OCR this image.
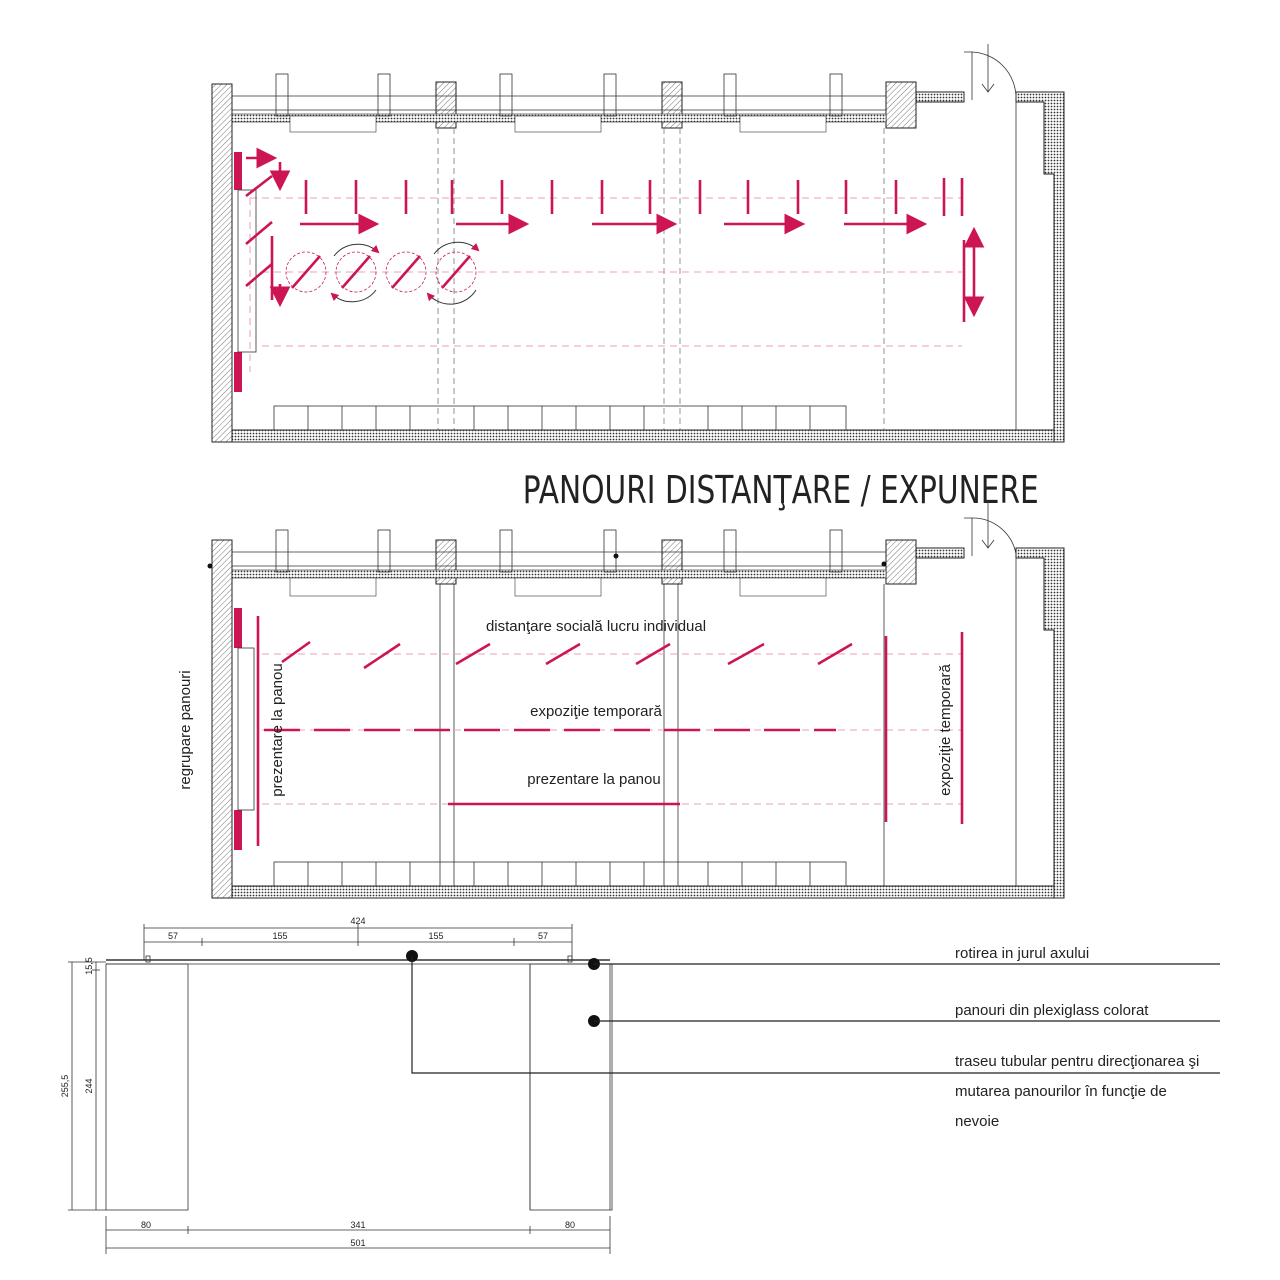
PANOURI DISTANŢARE / EXPUNERE
distanţare socială lucru individual
expoziţie temporară
prezentare la panou
regrupare panouri	prezentare la panou	expoziţie temporară
424
57	155	155	57
15,5
255,5 244
80	341	80
501
rotirea in jurul axului
panouri din plexiglass colorat
traseu tubular pentru direcţionarea şi
mutarea panourilor în funcţie de
nevoie
